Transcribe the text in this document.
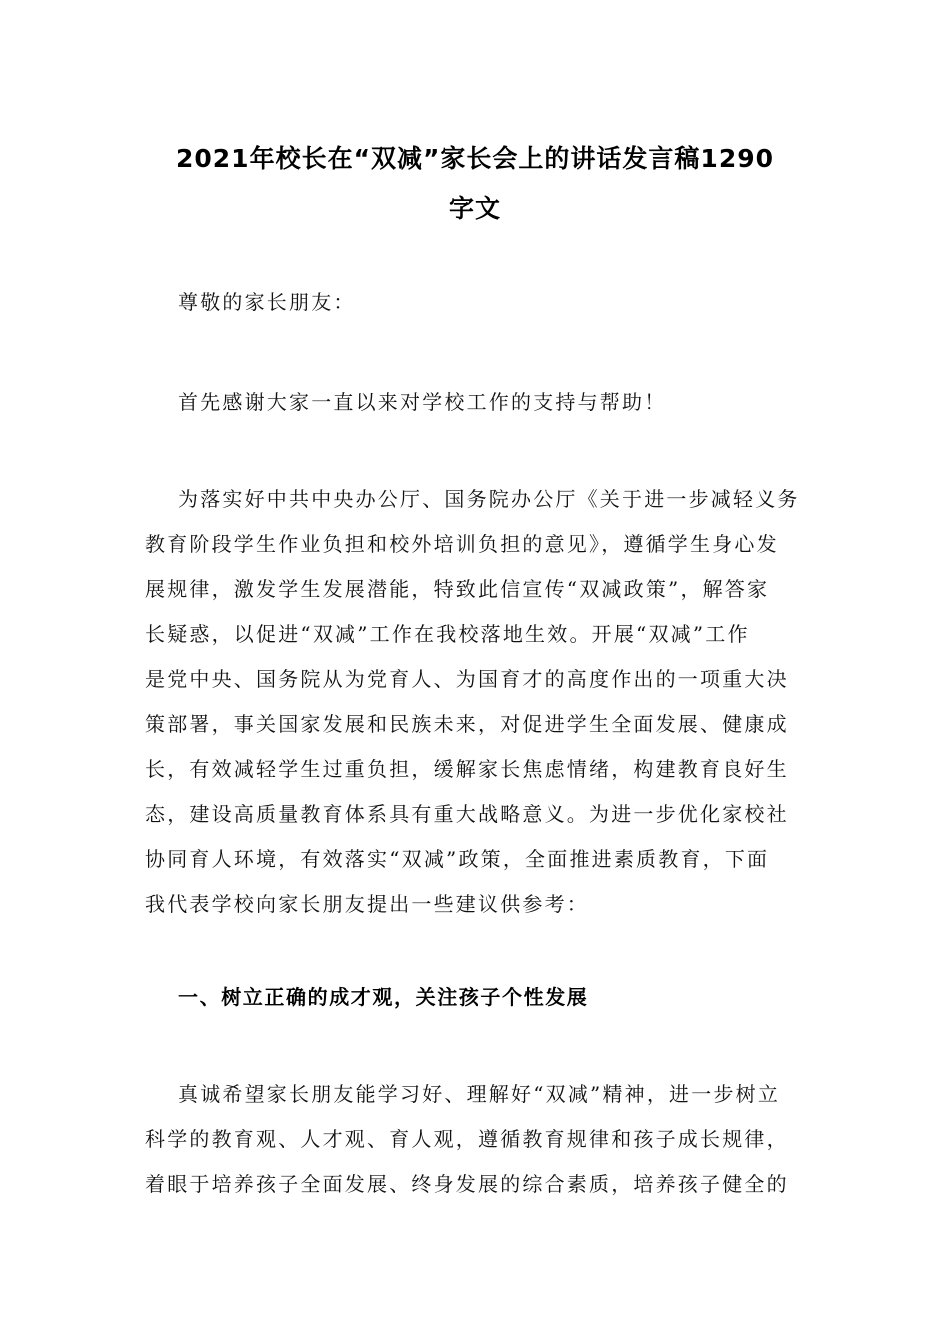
2021年校长在“双减”家长会上的讲话发言稿1290
字文
尊敬的家长朋友：
首先感谢大家一直以来对学校工作的支持与帮助！
为落实好中共中央办公厅、国务院办公厅《关于进一步减轻义务
教育阶段学生作业负担和校外培训负担的意见》，遵循学生身心发
展规律，激发学生发展潜能，特致此信宣传“双减政策”，解答家
长疑惑，以促进“双减”工作在我校落地生效。开展“双减”工作
是党中央、国务院从为党育人、为国育才的高度作出的一项重大决
策部署，事关国家发展和民族未来，对促进学生全面发展、健康成
长，有效减轻学生过重负担，缓解家长焦虑情绪，构建教育良好生
态，建设高质量教育体系具有重大战略意义。为进一步优化家校社
协同育人环境，有效落实“双减”政策，全面推进素质教育，下面
我代表学校向家长朋友提出一些建议供参考：
一、树立正确的成才观，关注孩子个性发展
真诚希望家长朋友能学习好、理解好“双减”精神，进一步树立
科学的教育观、人才观、育人观，遵循教育规律和孩子成长规律，
着眼于培养孩子全面发展、终身发展的综合素质，培养孩子健全的
